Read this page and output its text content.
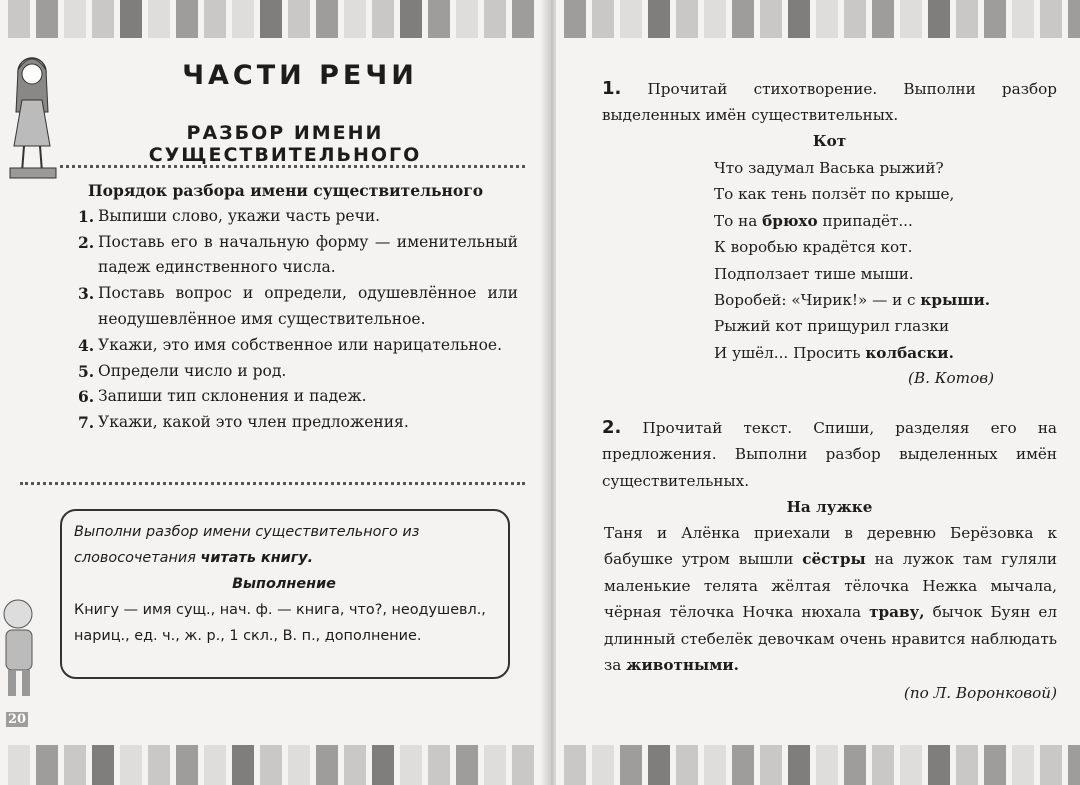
ЧАСТИ РЕЧИ
РАЗБОР ИМЕНИ СУЩЕСТВИТЕЛЬНОГО
Порядок разбора имени существительного
1. Выпиши слово, укажи часть речи.
2. Поставь его в начальную форму — именительный падеж единственного числа.
3. Поставь вопрос и определи, одушевлённое или неодушевлённое имя существительное.
4. Укажи, это имя собственное или нарицательное.
5. Определи число и род.
6. Запиши тип склонения и падеж.
7. Укажи, какой это член предложения.
Выполни разбор имени существительного из словосочетания читать книгу.
Выполнение
Книгу — имя сущ., нач. ф. — книга, что?, неодушевл., нариц., ед. ч., ж. р., 1 скл., В. п., дополнение.
20
1. Прочитай стихотворение. Выполни разбор выделенных имён существительных.
Кот
Что задумал Васька рыжий?
То как тень ползёт по крыше,
То на брюхо припадёт...
К воробью крадётся кот.
Подползает тише мыши.
Воробей: «Чирик!» — и с крыши.
Рыжий кот прищурил глазки
И ушёл... Просить колбаски.
(В. Котов)
2. Прочитай текст. Спиши, разделяя его на предложения. Выполни разбор выделенных имён существительных.
На лужке
Таня и Алёнка приехали в деревню Берёзовка к бабушке утром вышли сёстры на лужок там гуляли маленькие телята жёлтая тёлочка Нежка мычала, чёрная тёлочка Ночка нюхала траву, бычок Буян ел длинный стебелёк девочкам очень нравится наблюдать за животными.
(по Л. Воронковой)
